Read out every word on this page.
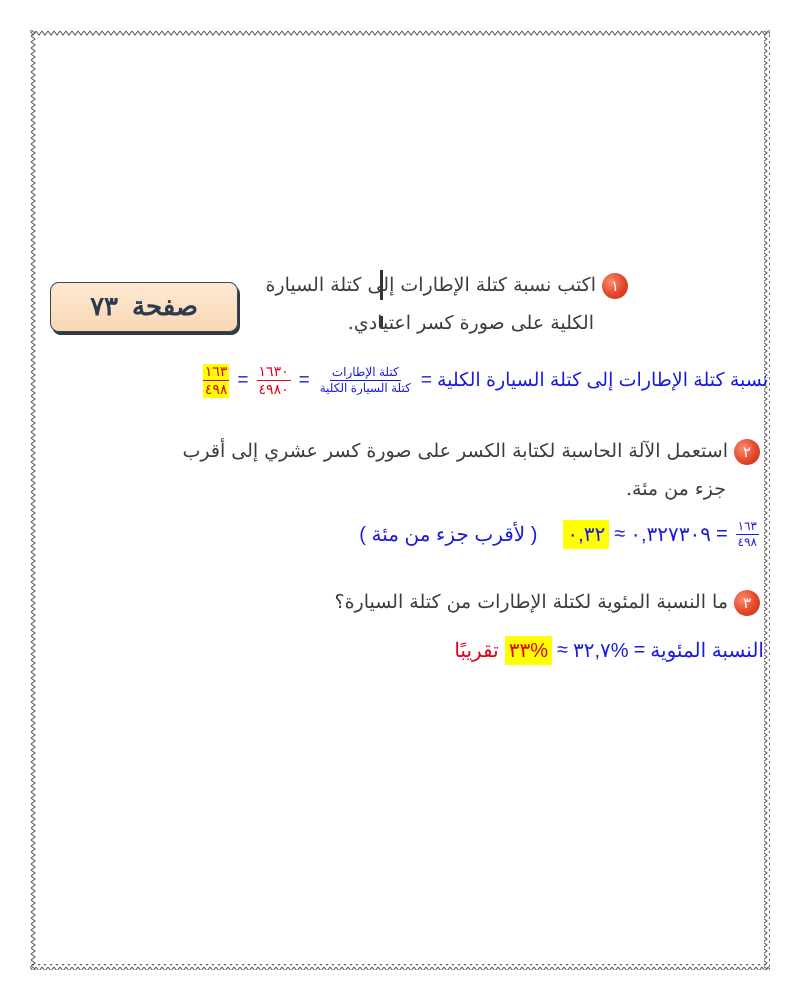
صفحة
٧٣
١اكتب نسبة كتلة الإطارات إلى كتلة السيارة
الكلية على صورة كسر اعتيادي.
نسبة كتلة الإطارات إلى كتلة السيارة الكلية
=
$\frac{\text{كتلة الإطارات}}{\text{كتلة السيارة الكلية}}$
=
$\frac{١٦٣٠}{٤٩٨٠}$
=
$\frac{١٦٣}{٤٩٨}$
٢استعمل الآلة الحاسبة لكتابة الكسر على صورة كسر عشري إلى أقرب
جزء من مئة.
$\frac{١٦٣}{٤٩٨}$
=
٠,٣٢٧٣٠٩
≈
٠,٣٢
( لأقرب جزء من مئة )
٣ما النسبة المئوية لكتلة الإطارات من كتلة السيارة؟
النسبة المئوية
=
%٣٢,٧
≈
%٣٣
تقريبًا
